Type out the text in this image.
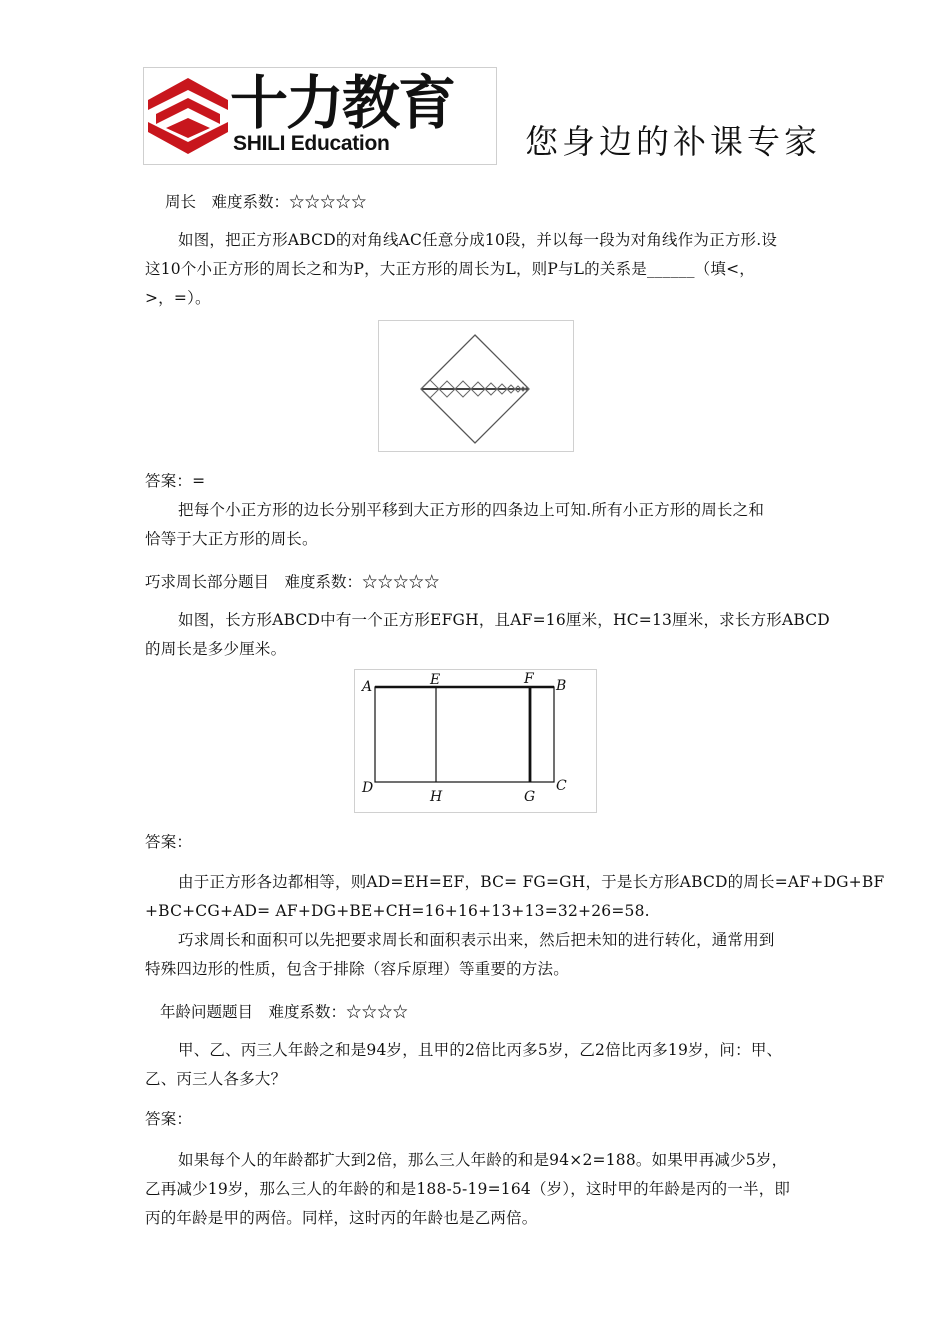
十力教育
SHILI Education	您身边的补课专家
周长　难度系数：☆☆☆☆☆
如图，把正方形ABCD的对角线AC任意分成10段，并以每一段为对角线作为正方形.设
这10个小正方形的周长之和为P，大正方形的周长为L，则P与L的关系是______（填<，
>，=）。
答案：=
把每个小正方形的边长分别平移到大正方形的四条边上可知.所有小正方形的周长之和
恰等于大正方形的周长。
巧求周长部分题目　难度系数：☆☆☆☆☆
如图，长方形ABCD中有一个正方形EFGH，且AF=16厘米，HC=13厘米，求长方形ABCD
的周长是多少厘米。
A	E	F B
D
H	G
C
答案：
由于正方形各边都相等，则AD=EH=EF，BC= FG=GH，于是长方形ABCD的周长=AF+DG+BF
+BC+CG+AD= AF+DG+BE+CH=16+16+13+13=32+26=58.
巧求周长和面积可以先把要求周长和面积表示出来，然后把未知的进行转化，通常用到
特殊四边形的性质，包含于排除（容斥原理）等重要的方法。
年龄问题题目　难度系数：☆☆☆☆
甲、乙、丙三人年龄之和是94岁，且甲的2倍比丙多5岁，乙2倍比丙多19岁，问：甲、
乙、丙三人各多大？
答案：
如果每个人的年龄都扩大到2倍，那么三人年龄的和是94×2=188。如果甲再减少5岁，
乙再减少19岁，那么三人的年龄的和是188-5-19=164（岁），这时甲的年龄是丙的一半，即
丙的年龄是甲的两倍。同样，这时丙的年龄也是乙两倍。
